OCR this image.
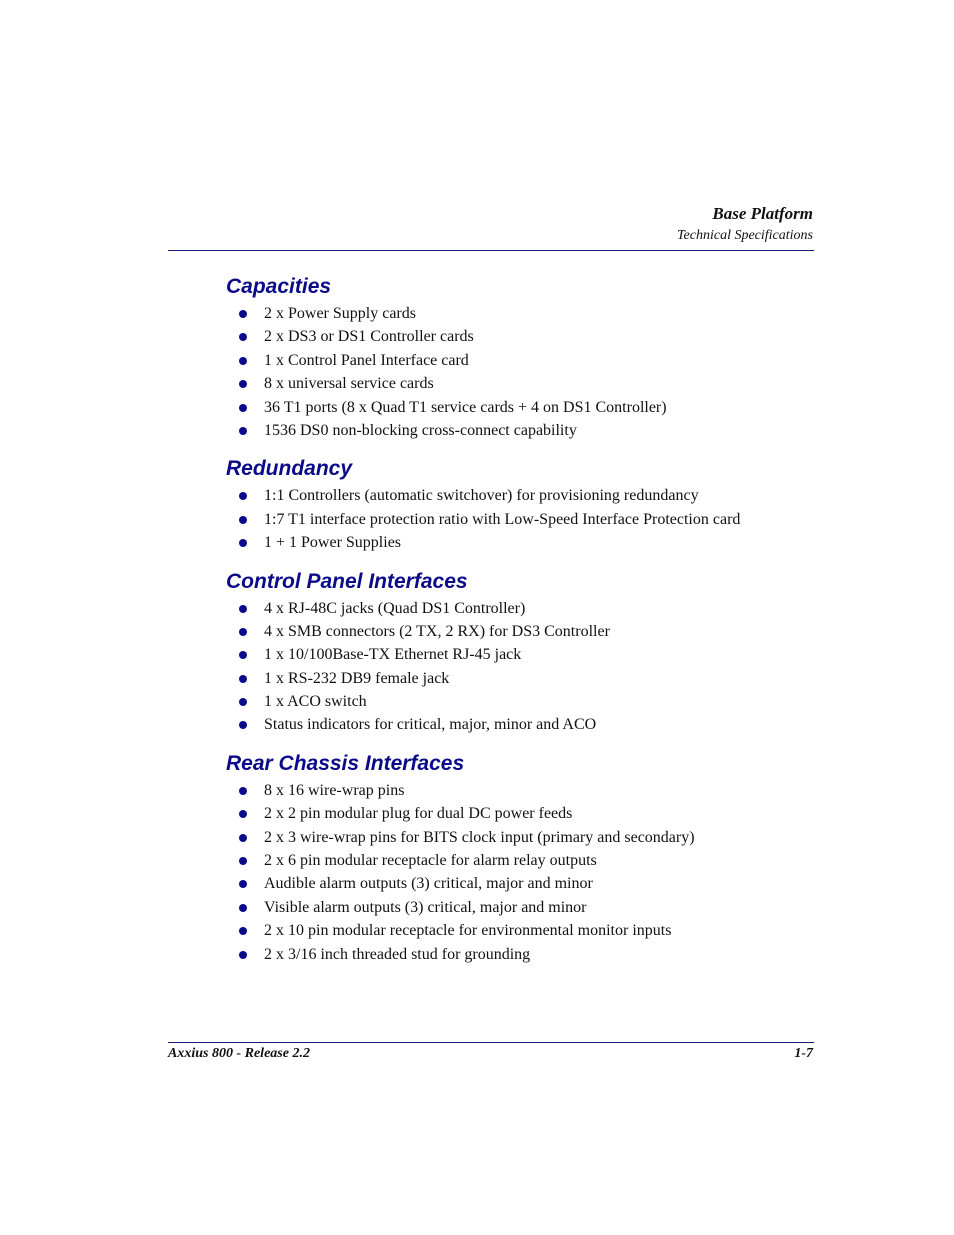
Base Platform
Technical Specifications
Capacities
2 x Power Supply cards
2 x DS3 or DS1 Controller cards
1 x Control Panel Interface card
8 x universal service cards
36 T1 ports (8 x Quad T1 service cards + 4 on DS1 Controller)
1536 DS0 non-blocking cross-connect capability
Redundancy
1:1 Controllers (automatic switchover) for provisioning redundancy
1:7 T1 interface protection ratio with Low-Speed Interface Protection card
1 + 1 Power Supplies
Control Panel Interfaces
4 x RJ-48C jacks (Quad DS1 Controller)
4 x SMB connectors (2 TX, 2 RX) for DS3 Controller
1 x 10/100Base-TX Ethernet RJ-45 jack
1 x RS-232 DB9 female jack
1 x ACO switch
Status indicators for critical, major, minor and ACO
Rear Chassis Interfaces
8 x 16 wire-wrap pins
2 x 2 pin modular plug for dual DC power feeds
2 x 3 wire-wrap pins for BITS clock input (primary and secondary)
2 x 6 pin modular receptacle for alarm relay outputs
Audible alarm outputs (3) critical, major and minor
Visible alarm outputs (3) critical, major and minor
2 x 10 pin modular receptacle for environmental monitor inputs
2 x 3/16 inch threaded stud for grounding
Axxius 800 - Release 2.2	1-7
